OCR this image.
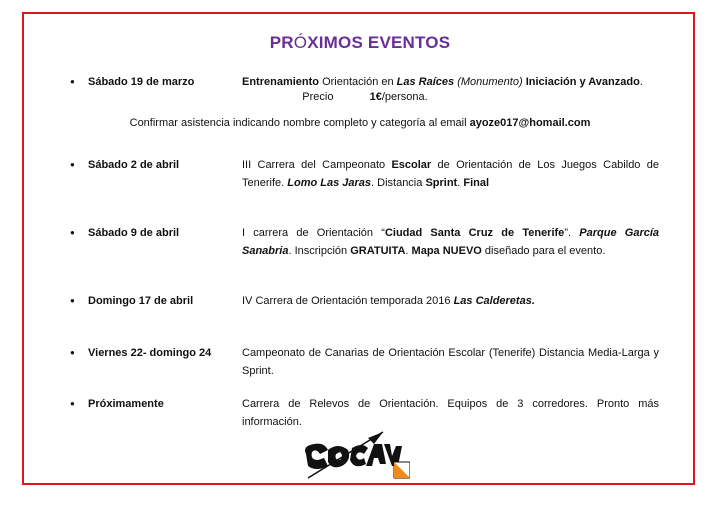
PRÓXIMOS EVENTOS
● Sábado 19 de marzo	Entrenamiento Orientación en Las Raíces (Monumento) Iniciación y Avanzado.
● Sábado 2 de abril	III Carrera del Campeonato Escolar de Orientación de Los Juegos Cabildo de Tenerife. Lomo Las Jaras. Distancia Sprint. Final
● Sábado 9 de abril	I carrera de Orientación “Ciudad Santa Cruz de Tenerife”. Parque García Sanabria. Inscripción GRATUITA. Mapa NUEVO diseñado para el evento.
● Domingo 17 de abril	IV Carrera de Orientación temporada 2016 Las Calderetas.
● Viernes 22- domingo 24	Campeonato de Canarias de Orientación Escolar (Tenerife) Distancia Media-Larga y Sprint.
● Próximamente	Carrera de Relevos de Orientación. Equipos de 3 corredores. Pronto más información.
Precio	1€/persona.
Confirmar asistencia indicando nombre completo y categoría al email ayoze017@homail.com
